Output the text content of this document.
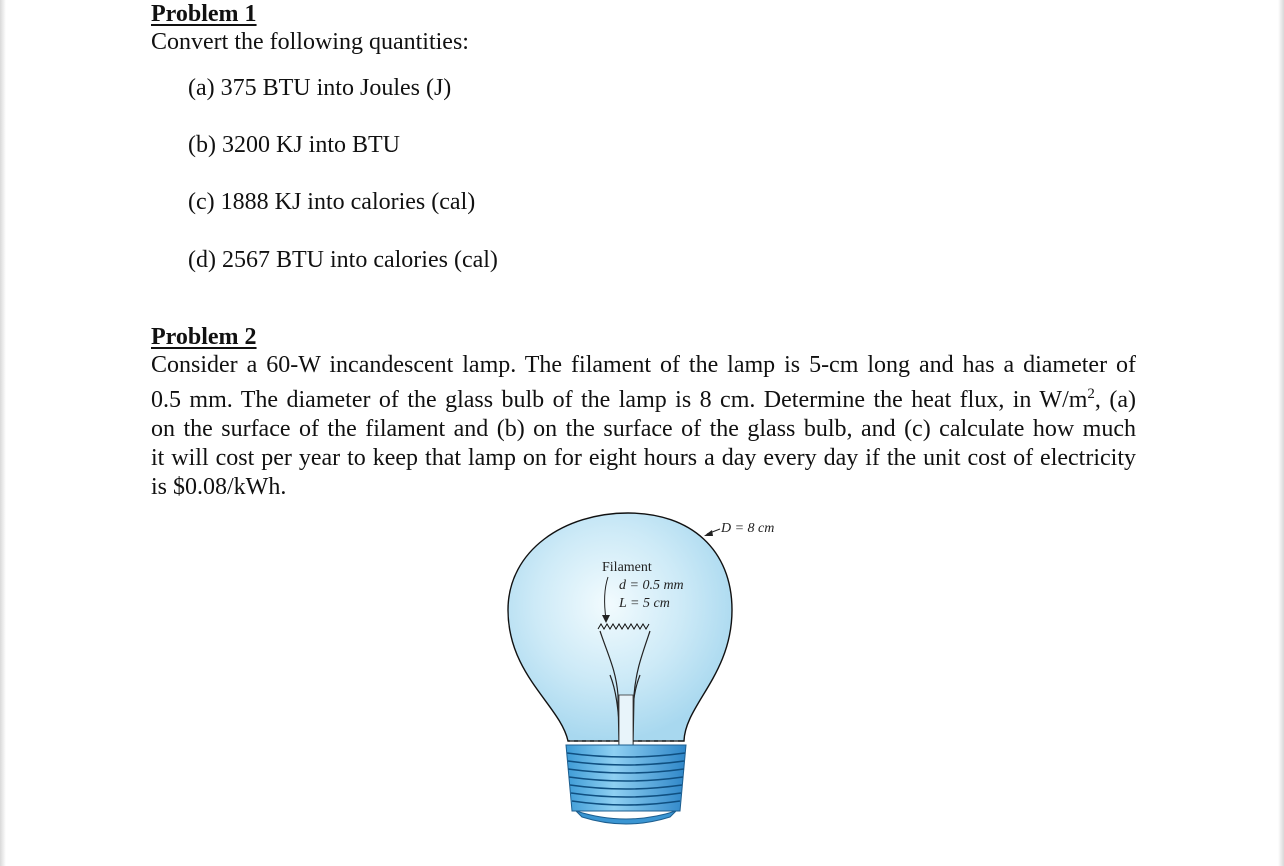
Problem 1
Convert the following quantities:
(a) 375 BTU into Joules (J)
(b) 3200 KJ into BTU
(c) 1888 KJ into calories (cal)
(d) 2567 BTU into calories (cal)
Problem 2
Consider a 60-W incandescent lamp. The filament of the lamp is 5-cm long and has a diameter of
0.5 mm. The diameter of the glass bulb of the lamp is 8 cm. Determine the heat flux, in $W/m^2$, (a)
on the surface of the filament and (b) on the surface of the glass bulb, and (c) calculate how much
it will cost per year to keep that lamp on for eight hours a day every day if the unit cost of electricity
is $0.08/kWh.
Filament
d = 0.5 mm
L = 5 cm
D = 8 cm
